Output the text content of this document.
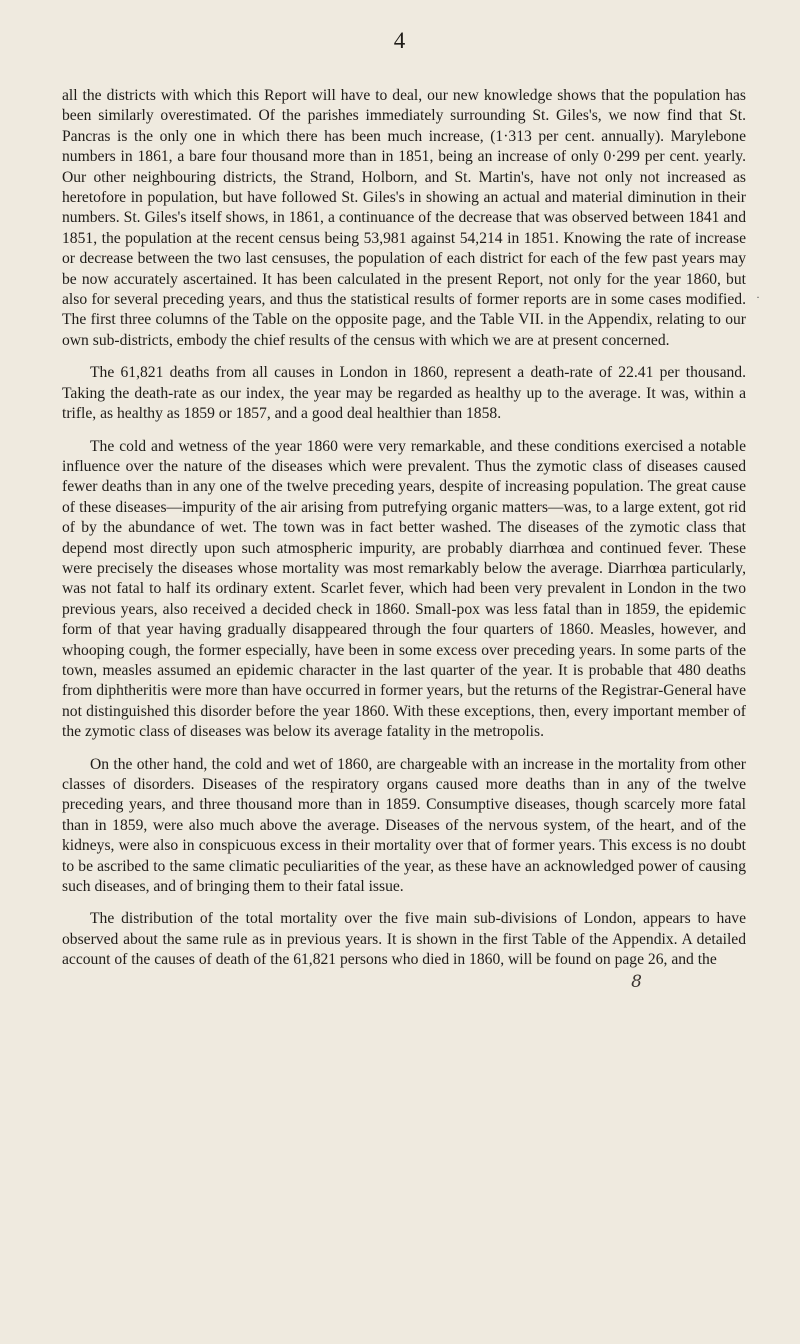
4
·

all the districts with which this Report will have to deal, our new knowledge shows that the population has been similarly overestimated. Of the parishes immediately surrounding St. Giles's, we now find that St. Pancras is the only one in which there has been much increase, (1·313 per cent. annually). Marylebone numbers in 1861, a bare four thousand more than in 1851, being an increase of only 0·299 per cent. yearly. Our other neighbouring districts, the Strand, Holborn, and St. Martin's, have not only not increased as heretofore in population, but have followed St. Giles's in showing an actual and material diminution in their numbers. St. Giles's itself shows, in 1861, a continuance of the decrease that was observed between 1841 and 1851, the population at the recent census being 53,981 against 54,214 in 1851. Knowing the rate of increase or decrease between the two last censuses, the population of each district for each of the few past years may be now accurately ascertained. It has been calculated in the present Report, not only for the year 1860, but also for several preceding years, and thus the statistical results of former reports are in some cases modified. The first three columns of the Table on the opposite page, and the Table VII. in the Appendix, relating to our own sub-districts, embody the chief results of the census with which we are at present concerned.

The 61,821 deaths from all causes in London in 1860, represent a death-rate of 22.41 per thousand. Taking the death-rate as our index, the year may be regarded as healthy up to the average. It was, within a trifle, as healthy as 1859 or 1857, and a good deal healthier than 1858.

The cold and wetness of the year 1860 were very remarkable, and these conditions exercised a notable influence over the nature of the diseases which were prevalent. Thus the zymotic class of diseases caused fewer deaths than in any one of the twelve preceding years, despite of increasing population. The great cause of these diseases—impurity of the air arising from putrefying organic matters—was, to a large extent, got rid of by the abundance of wet. The town was in fact better washed. The diseases of the zymotic class that depend most directly upon such atmospheric impurity, are probably diarrhœa and continued fever. These were precisely the diseases whose mortality was most remarkably below the average. Diarrhœa particularly, was not fatal to half its ordinary extent. Scarlet fever, which had been very prevalent in London in the two previous years, also received a decided check in 1860. Small-pox was less fatal than in 1859, the epidemic form of that year having gradually disappeared through the four quarters of 1860. Measles, however, and whooping cough, the former especially, have been in some excess over preceding years. In some parts of the town, measles assumed an epidemic character in the last quarter of the year. It is probable that 480 deaths from diphtheritis were more than have occurred in former years, but the returns of the Registrar-General have not distinguished this disorder before the year 1860. With these exceptions, then, every important member of the zymotic class of diseases was below its average fatality in the metropolis.

On the other hand, the cold and wet of 1860, are chargeable with an increase in the mortality from other classes of disorders. Diseases of the respiratory organs caused more deaths than in any of the twelve preceding years, and three thousand more than in 1859. Consumptive diseases, though scarcely more fatal than in 1859, were also much above the average. Diseases of the nervous system, of the heart, and of the kidneys, were also in conspicuous excess in their mortality over that of former years. This excess is no doubt to be ascribed to the same climatic peculiarities of the year, as these have an acknowledged power of causing such diseases, and of bringing them to their fatal issue.

The distribution of the total mortality over the five main sub-divisions of London, appears to have observed about the same rule as in previous years. It is shown in the first Table of the Appendix. A detailed account of the causes of death of the 61,821 persons who died in 1860, will be found on page 26, and the

8
